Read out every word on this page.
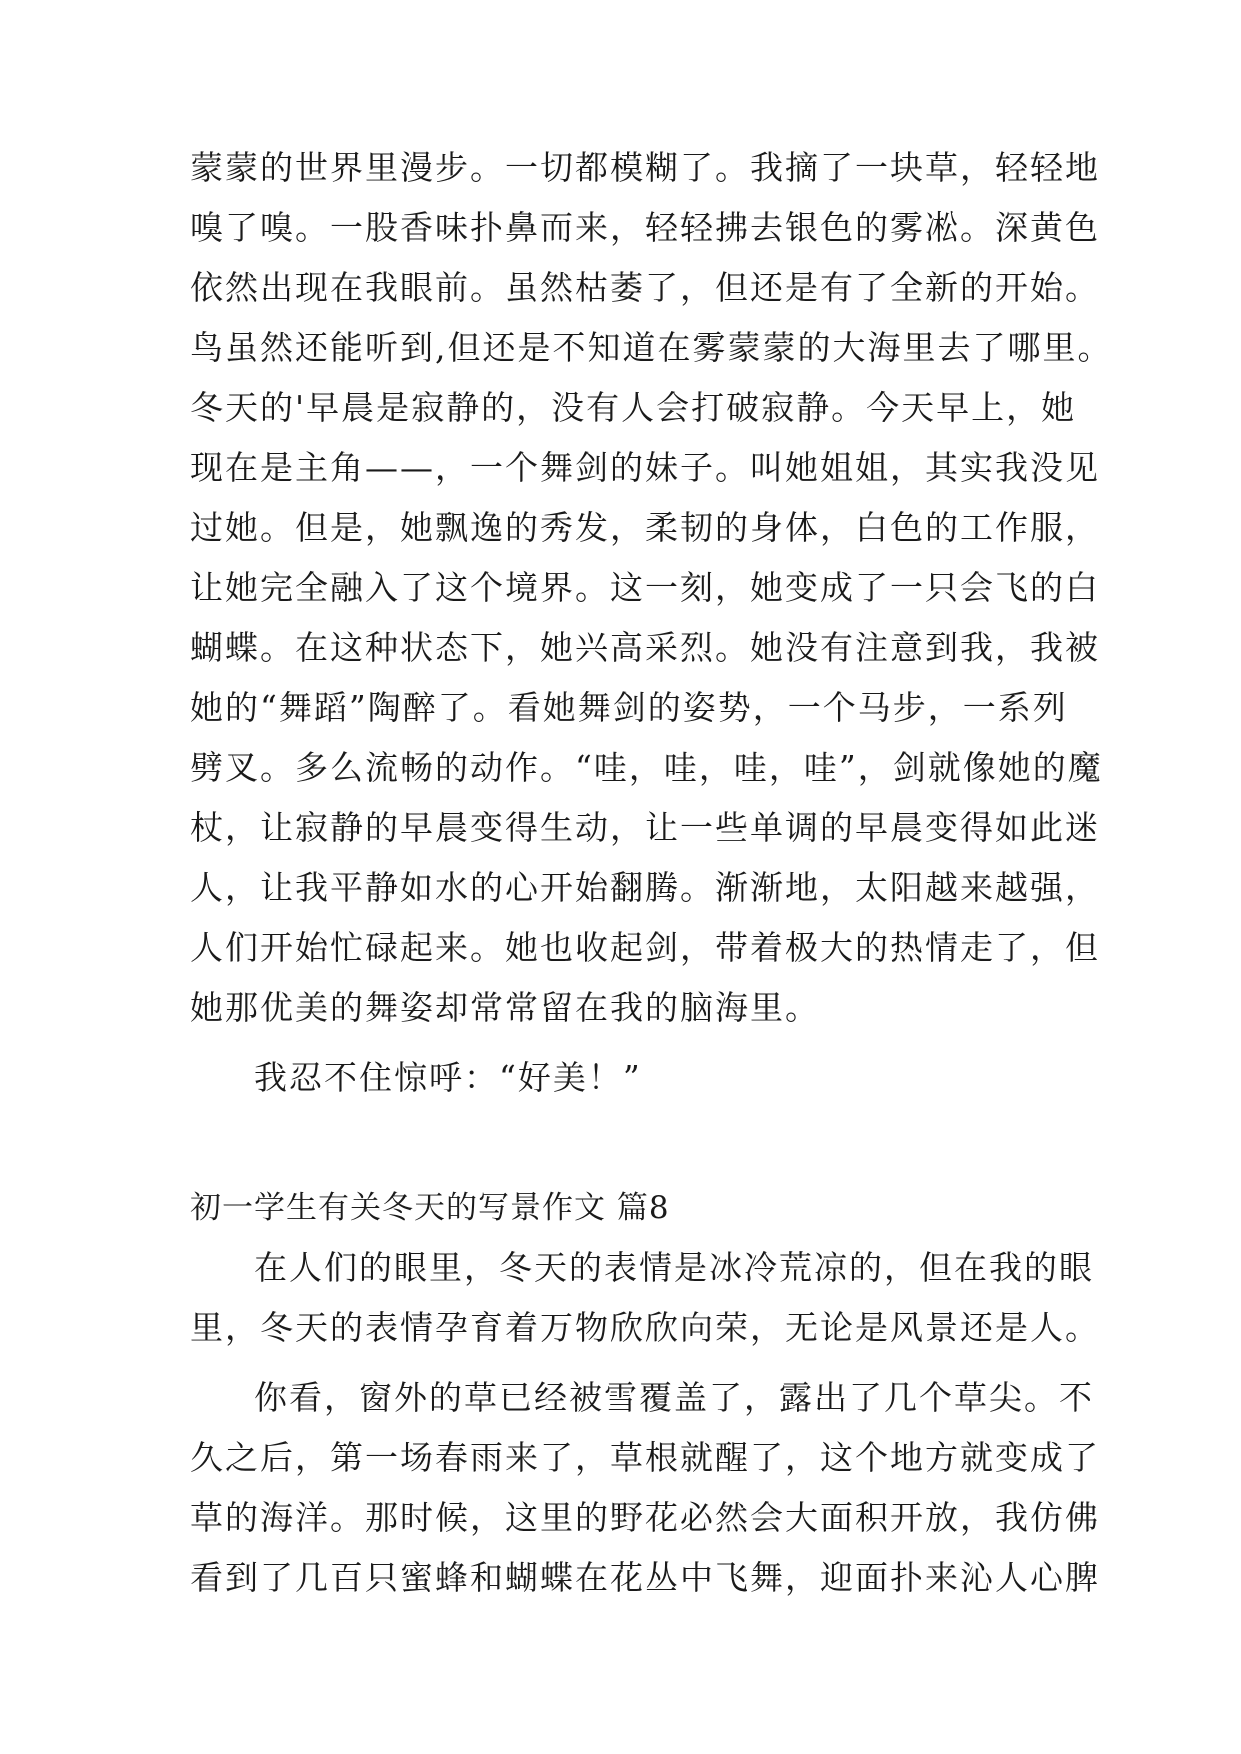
蒙蒙的世界里漫步。一切都模糊了。我摘了一块草，轻轻地
嗅了嗅。一股香味扑鼻而来，轻轻拂去银色的雾凇。深黄色
依然出现在我眼前。虽然枯萎了，但还是有了全新的开始。
鸟虽然还能听到,但还是不知道在雾蒙蒙的大海里去了哪里。
冬天的'早晨是寂静的，没有人会打破寂静。今天早上，她
现在是主角——，一个舞剑的妹子。叫她姐姐，其实我没见
过她。但是，她飘逸的秀发，柔韧的身体，白色的工作服，
让她完全融入了这个境界。这一刻，她变成了一只会飞的白
蝴蝶。在这种状态下，她兴高采烈。她没有注意到我，我被
她的“舞蹈”陶醉了。看她舞剑的姿势，一个马步，一系列
劈叉。多么流畅的动作。“哇，哇，哇，哇”，剑就像她的魔
杖，让寂静的早晨变得生动，让一些单调的早晨变得如此迷
人，让我平静如水的心开始翻腾。渐渐地，太阳越来越强，
人们开始忙碌起来。她也收起剑，带着极大的热情走了，但
她那优美的舞姿却常常留在我的脑海里。
我忍不住惊呼：“好美！”
初一学生有关冬天的写景作文 篇8
在人们的眼里，冬天的表情是冰冷荒凉的，但在我的眼
里，冬天的表情孕育着万物欣欣向荣，无论是风景还是人。
你看，窗外的草已经被雪覆盖了，露出了几个草尖。不
久之后，第一场春雨来了，草根就醒了，这个地方就变成了
草的海洋。那时候，这里的野花必然会大面积开放，我仿佛
看到了几百只蜜蜂和蝴蝶在花丛中飞舞，迎面扑来沁人心脾
